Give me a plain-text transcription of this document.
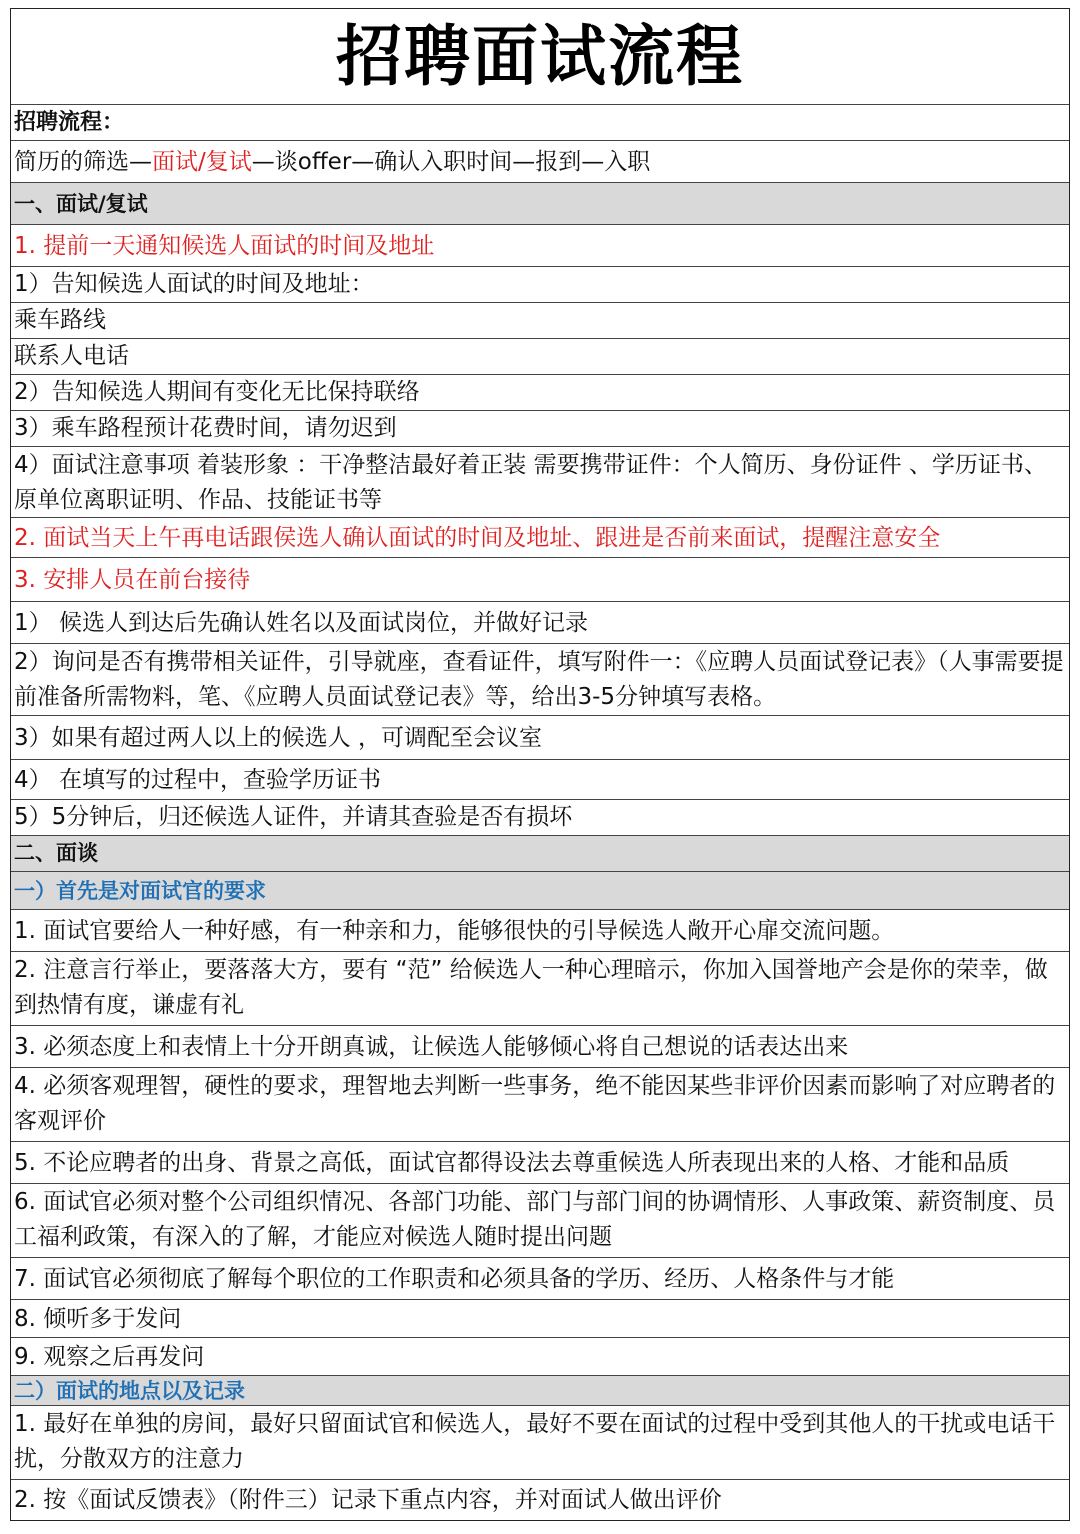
招聘面试流程
招聘流程：
简历的筛选—面试/复试—谈offer—确认入职时间—报到—入职
一、面试/复试
1. 提前一天通知候选人面试的时间及地址
1）告知候选人面试的时间及地址：
乘车路线
联系人电话
2）告知候选人期间有变化无比保持联络
3）乘车路程预计花费时间，请勿迟到
4）面试注意事项 着装形象 ：干净整洁最好着正装 需要携带证件：个人简历、身份证件 、学历证书、原单位离职证明、作品、技能证书等
2. 面试当天上午再电话跟侯选人确认面试的时间及地址、跟进是否前来面试，提醒注意安全
3. 安排人员在前台接待
1） 候选人到达后先确认姓名以及面试岗位，并做好记录
2）询问是否有携带相关证件，引导就座，查看证件，填写附件一：《应聘人员面试登记表》（人事需要提前准备所需物料，笔、《应聘人员面试登记表》等，给出3-5分钟填写表格。
3）如果有超过两人以上的候选人 ，可调配至会议室
4） 在填写的过程中，查验学历证书
5）5分钟后，归还候选人证件，并请其查验是否有损坏
二、面谈
一）首先是对面试官的要求
1. 面试官要给人一种好感，有一种亲和力，能够很快的引导候选人敞开心扉交流问题。
2. 注意言行举止，要落落大方，要有 “范” 给候选人一种心理暗示，你加入国誉地产会是你的荣幸，做到热情有度，谦虚有礼
3. 必须态度上和表情上十分开朗真诚，让候选人能够倾心将自己想说的话表达出来
4. 必须客观理智，硬性的要求，理智地去判断一些事务，绝不能因某些非评价因素而影响了对应聘者的客观评价
5. 不论应聘者的出身、背景之高低，面试官都得设法去尊重候选人所表现出来的人格、才能和品质
6. 面试官必须对整个公司组织情况、各部门功能、部门与部门间的协调情形、人事政策、薪资制度、员工福利政策，有深入的了解，才能应对候选人随时提出问题
7. 面试官必须彻底了解每个职位的工作职责和必须具备的学历、经历、人格条件与才能
8. 倾听多于发问
9. 观察之后再发问
二）面试的地点以及记录
1. 最好在单独的房间，最好只留面试官和候选人，最好不要在面试的过程中受到其他人的干扰或电话干扰，分散双方的注意力
2. 按《面试反馈表》（附件三）记录下重点内容，并对面试人做出评价
